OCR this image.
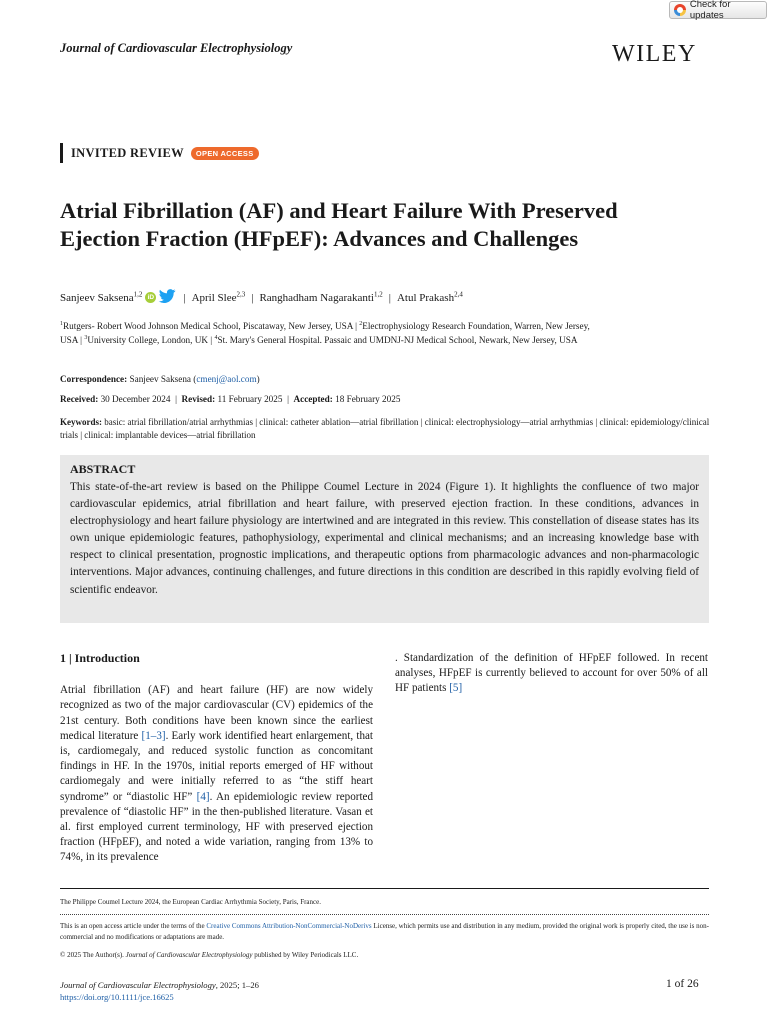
Check for updates
Journal of Cardiovascular Electrophysiology	WILEY
INVITED REVIEW	OPEN ACCESS
Atrial Fibrillation (AF) and Heart Failure With Preserved Ejection Fraction (HFpEF): Advances and Challenges
Sanjeev Saksena$^{1,2}$ iD	| April Slee$^{2,3}$ | Ranghadham Nagarakanti$^{1,2}$ | Atul Prakash$^{2,4}$
$^1$Rutgers- Robert Wood Johnson Medical School, Piscataway, New Jersey, USA | $^2$Electrophysiology Research Foundation, Warren, New Jersey, USA | $^3$University College, London, UK | $^4$St. Mary's General Hospital. Passaic and UMDNJ-NJ Medical School, Newark, New Jersey, USA
Correspondence: Sanjeev Saksena (cmenj@aol.com)
Received: 30 December 2024  |  Revised: 11 February 2025  |  Accepted: 18 February 2025
Keywords: basic: atrial fibrillation/atrial arrhythmias | clinical: catheter ablation—atrial fibrillation | clinical: electrophysiology—atrial arrhythmias | clinical: epidemiology/clinical trials | clinical: implantable devices—atrial fibrillation
ABSTRACT

This state-of-the-art review is based on the Philippe Coumel Lecture in 2024 (Figure 1). It highlights the confluence of two major cardiovascular epidemics, atrial fibrillation and heart failure, with preserved ejection fraction. In these conditions, advances in electrophysiology and heart failure physiology are intertwined and are integrated in this review. This constellation of disease states has its own unique epidemiologic features, pathophysiology, experimental and clinical mechanisms; and an increasing knowledge base with respect to clinical presentation, prognostic implications, and therapeutic options from pharmacologic advances and non-pharmacologic interventions. Major advances, continuing challenges, and future directions in this condition are described in this rapidly evolving field of scientific endeavor.

1 | Introduction

Atrial fibrillation (AF) and heart failure (HF) are now widely recognized as two of the major cardiovascular (CV) epidemics of the 21st century. Both conditions have been known since the earliest medical literature [1–3]. Early work identified heart enlargement, that is, cardiomegaly, and reduced systolic function as concomitant findings in HF. In the 1970s, initial reports emerged of HF without cardiomegaly and were initially referred to as “the stiff heart syndrome” or “diastolic HF” [4]. An epidemiologic review reported prevalence of “diastolic HF” in the then-published literature. Vasan et al. first employed current terminology, HF with preserved ejection fraction (HFpEF), and noted a wide variation, ranging from 13% to 74%, in its prevalence

. Standardization of the definition of HFpEF followed. In recent analyses, HFpEF is currently believed to account for over 50% of all HF patients [5]

The Philippe Coumel Lecture 2024, the European Cardiac Arrhythmia Society, Paris, France.
This is an open access article under the terms of the Creative Commons Attribution-NonCommercial-NoDerivs License, which permits use and distribution in any medium, provided the original work is properly cited, the use is non-commercial and no modifications or adaptations are made.
© 2025 The Author(s). Journal of Cardiovascular Electrophysiology published by Wiley Periodicals LLC.
Journal of Cardiovascular Electrophysiology, 2025; 1–26
https://doi.org/10.1111/jce.16625
1 of 26
